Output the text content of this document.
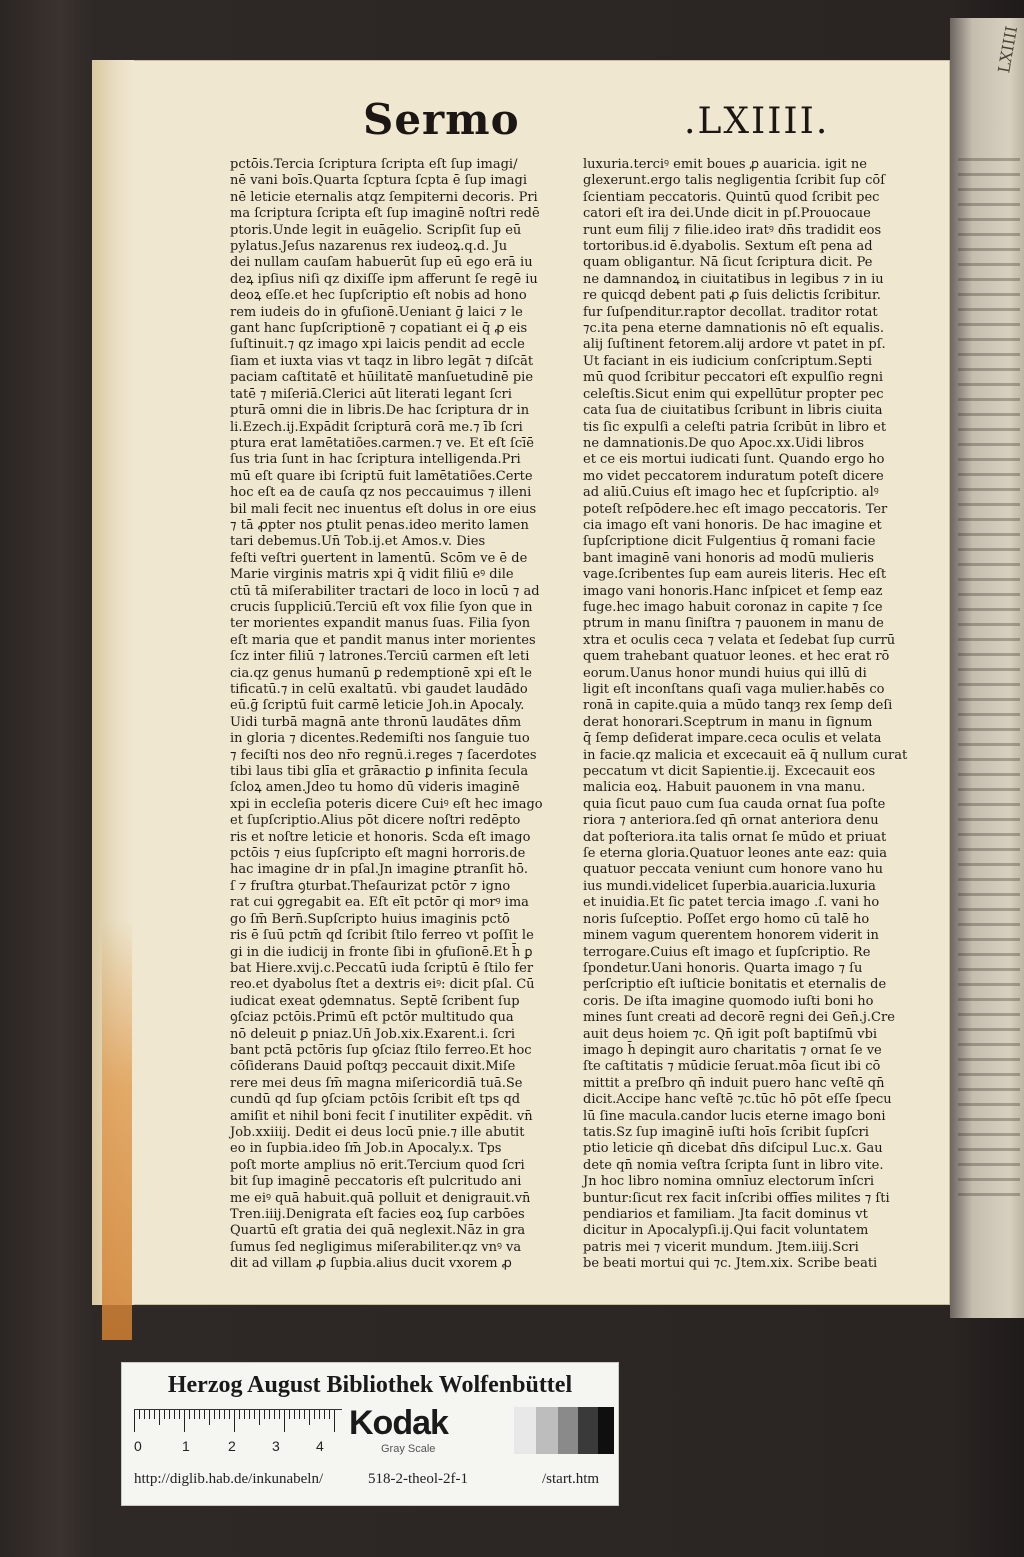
LXIIII
Sermo	.LXIIII.
pctōis.Tercia ſcriptura ſcripta eſt ſup imagi/
nē vani boīs.Quarta ſcptura ſcpta ē ſup imagi
nē leticie eternalis atqz ſempiterni decoris. Pri
ma ſcriptura ſcripta eſt ſup imaginē noſtri redē
ptoris.Unde legit in euāgelio. Scripſit ſup eū
pylatus.Jeſus nazarenus rex iudeoꝝ.q.d. Ju
dei nullam cauſam habuerūt ſup eū ego erā iu
deꝝ ipſius niſi qz dixiſſe ipm afferunt ſe regē iu
deoꝝ eſſe.et hec ſupſcriptio eſt nobis ad hono
rem iudeis do in ꝯfuſionē.Ueniant ḡ laici ⁊ le
gant hanc ſupſcriptionē ⁊ copatiant ei q̄ ꝓ eis
ſuſtinuit.⁊ qz imago xpi laicis pendit ad eccle
ſiam et iuxta vias vt taqz in libro legāt ⁊ diſcāt
paciam caſtitatē et hūilitatē manſuetudinē pie
tatē ⁊ miſeriā.Clerici aūt literati legant ſcri
pturā omni die in libris.De hac ſcriptura dr in
li.Ezech.ij.Expādit ſcripturā corā me.⁊ īb ſcri
ptura erat lamētatiões.carmen.⁊ ve. Et eſt ſcīē
ſus tria ſunt in hac ſcriptura intelligenda.Pri
mū eſt quare ibi ſcriptū fuit lamētatiões.Certe
hoc eſt ea de cauſa qz nos peccauimus ⁊ illeni
bil mali fecit nec inuentus eſt dolus in ore eius
⁊ tā ꝓpter nos ꝑtulit penas.ideo merito lamen
tari debemus.Un̄ Tob.ij.et Amos.v. Dies
feſti veſtri ꝯuertent in lamentū. Scōm ve ē de
Marie virginis matris xpi q̄ vidit filiū eꝰ dile
ctū tā miſerabiliter tractari de loco in locū ⁊ ad
crucis ſuppliciū.Terciū eſt vox filie ſyon que in
ter morientes expandit manus ſuas. Filia ſyon
eſt maria que et pandit manus inter morientes
ſcz inter filiū ⁊ latrones.Terciū carmen eſt leti
cia.qz genus humanū ꝑ redemptionē xpi eſt le
tificatū.⁊ in celū exaltatū. vbi gaudet laudādo
eū.ḡ ſcriptū fuit carmē leticie Joh.in Apocaly.
Uidi turbā magnā ante thronū laudātes dn̄m
in gloria ⁊ dicentes.Redemiſti nos ſanguie tuo
⁊ feciſti nos deo nr̄o regnū.i.reges ⁊ ſacerdotes
tibi laus tibi glīa et grāʀactio ꝑ infinita ſecula
ſcloꝝ amen.Jdeo tu homo dū videris imaginē
xpi in eccleſia poteris dicere Cuiꝰ eſt hec imago
et ſupſcriptio.Alius pōt dicere noſtri redēpto
ris et noſtre leticie et honoris. Scda eſt imago
pctōis ⁊ eius ſupſcripto eſt magni horroris.de
hac imagine dr in pſal.Jn imagine ꝑtranſit hō.
ſ ⁊ fruſtra ꝯturbat.Theſaurizat pctōr ⁊ igno
rat cui ꝯgregabit ea. Eſt eīt pctōr qi morꝰ ima
go ſm̄ Bern̄.Supſcripto huius imaginis pctō
ris ē ſuū pctm̄ qd ſcribit ſtilo ferreo vt poſſit le
gi in die iudicij in fronte ſibi in ꝯfuſionē.Et h̄ ꝑ
bat Hiere.xvij.c.Peccatū iuda ſcriptū ē ſtilo fer
reo.et dyabolus ſtet a dextris eiꝰ: dicit pſal. Cū
iudicat exeat ꝯdemnatus. Septē ſcribent ſup
ꝯſciaz pctōis.Primū eſt pctōr multitudo qua
nō deleuit ꝑ pniaz.Un̄ Job.xix.Exarent.i. ſcri
bant pctā pctōris ſup ꝯſciaz ſtilo ferreo.Et hoc
cōſiderans Dauid poſtqȝ peccauit dixit.Miſe
rere mei deus ſm̄ magna miſericordiā tuā.Se
cundū qd ſup ꝯſciam pctōis ſcribit eſt tps qd
amiſit et nihil boni fecit ſ inutiliter expēdit. vn̄
Job.xxiiij. Dedit ei deus locū pnie.⁊ ille abutit
eo in ſupbia.ideo ſm̄ Job.in Apocaly.x. Tps
poſt morte amplius nō erit.Tercium quod ſcri
bit ſup imaginē peccatoris eſt pulcritudo ani
me eiꝰ quā habuit.quā polluit et denigrauit.vn̄
Tren.iiij.Denigrata eſt facies eoꝝ ſup carbōes
Quartū eſt gratia dei quā neglexit.Nāz in gra
ſumus ſed negligimus miſerabiliter.qz vnꝰ va
dit ad villam ꝓ ſupbia.alius ducit vxorem ꝓ
luxuria.terciꝰ emit boues ꝓ auaricia. igit ne
glexerunt.ergo talis negligentia ſcribit ſup cōſ
ſcientiam peccatoris. Quintū quod ſcribit pec
catori eſt ira dei.Unde dicit in pſ.Prouocaue
runt eum filij ⁊ filie.ideo iratꝰ dn̄s tradidit eos
tortoribus.id ē.dyabolis. Sextum eſt pena ad
quam obligantur. Nā ſicut ſcriptura dicit. Pe
ne damnandoꝝ in ciuitatibus in legibus ⁊ in iu
re quicqd debent pati ꝓ ſuis delictis ſcribitur.
fur ſuſpenditur.raptor decollat. traditor rotat
⁊c.ita pena eterne damnationis nō eſt equalis.
alij ſuſtinent fetorem.alij ardore vt patet in pſ.
Ut faciant in eis iudicium conſcriptum.Septi
mū quod ſcribitur peccatori eſt expulſio regni
celeſtis.Sicut enim qui expellūtur propter pec
cata ſua de ciuitatibus ſcribunt in libris ciuita
tis ſic expulſi a celeſti patria ſcribūt in libro et
ne damnationis.De quo Apoc.xx.Uidi libros
et ce eis mortui iudicati ſunt. Quando ergo ho
mo videt peccatorem induratum poteſt dicere
ad aliū.Cuius eſt imago hec et ſupſcriptio. alꝰ
poteſt reſpōdere.hec eſt imago peccatoris. Ter
cia imago eſt vani honoris. De hac imagine et
ſupſcriptione dicit Fulgentius q̄ romani facie
bant imaginē vani honoris ad modū mulieris
vage.ſcribentes ſup eam aureis literis. Hec eſt
imago vani honoris.Hanc inſpicet et ſemp eaz
fuge.hec imago habuit coronaz in capite ⁊ ſce
ptrum in manu ſiniſtra ⁊ pauonem in manu de
xtra et oculis ceca ⁊ velata et ſedebat ſup currū
quem trahebant quatuor leones. et hec erat rō
eorum.Uanus honor mundi huius qui illū di
ligit eſt inconſtans quaſi vaga mulier.habēs co
ronā in capite.quia a mūdo tanqȝ rex ſemp deſi
derat honorari.Sceptrum in manu in ſignum
q̄ ſemp deſiderat impare.ceca oculis et velata
in facie.qz malicia et excecauit eā q̄ nullum curat
peccatum vt dicit Sapientie.ij. Excecauit eos
malicia eoꝝ. Habuit pauonem in vna manu.
quia ſicut pauo cum ſua cauda ornat ſua poſte
riora ⁊ anteriora.ſed qn̄ ornat anteriora denu
dat poſteriora.ita talis ornat ſe mūdo et priuat
ſe eterna gloria.Quatuor leones ante eaz: quia
quatuor peccata veniunt cum honore vano hu
ius mundi.videlicet ſuperbia.auaricia.luxuria
et inuidia.Et ſic patet tercia imago .ſ. vani ho
noris ſuſceptio. Poſſet ergo homo cū talē ho
minem vagum querentem honorem viderit in
terrogare.Cuius eſt imago et ſupſcriptio. Re
ſpondetur.Uani honoris. Quarta imago ⁊ ſu
perſcriptio eſt iuſticie bonitatis et eternalis de
coris. De iſta imagine quomodo iuſti boni ho
mines ſunt creati ad decorē regni dei Gen̄.j.Cre
auit deus hoiem ⁊c. Qn̄ igit poſt baptiſmū vbi
imago h̄ depingit auro charitatis ⁊ ornat ſe ve
ſte caſtitatis ⁊ mūdicie ſeruat.mōa ſicut ibi cō
mittit a preſbro qn̄ induit puero hanc veſtē qn̄
dicit.Accipe hanc veſtē ⁊c.tūc hō pōt eſſe ſpecu
lū ſine macula.candor lucis eterne imago boni
tatis.Sz ſup imaginē iuſti hoīs ſcribit ſupſcri
ptio leticie qn̄ dicebat dn̄s diſcipul Luc.x. Gau
dete qn̄ nomia veſtra ſcripta ſunt in libro vite.
Jn hoc libro nomina omnīuz electorum īnſcri
buntur:ſicut rex facit inſcribi offīes milites ⁊ ſti
pendiarios et familiam. Jta facit dominus vt
dicitur in Apocalypſi.ij.Qui facit voluntatem
patris mei ⁊ vicerit mundum. Jtem.iiij.Scri
be beati mortui qui ⁊c. Jtem.xix. Scribe beati
Herzog August Bibliothek Wolfenbüttel
0	1	2	3	4
Kodak
Gray Scale
http://diglib.hab.de/inkunabeln/	518-2-theol-2f-1	/start.htm
